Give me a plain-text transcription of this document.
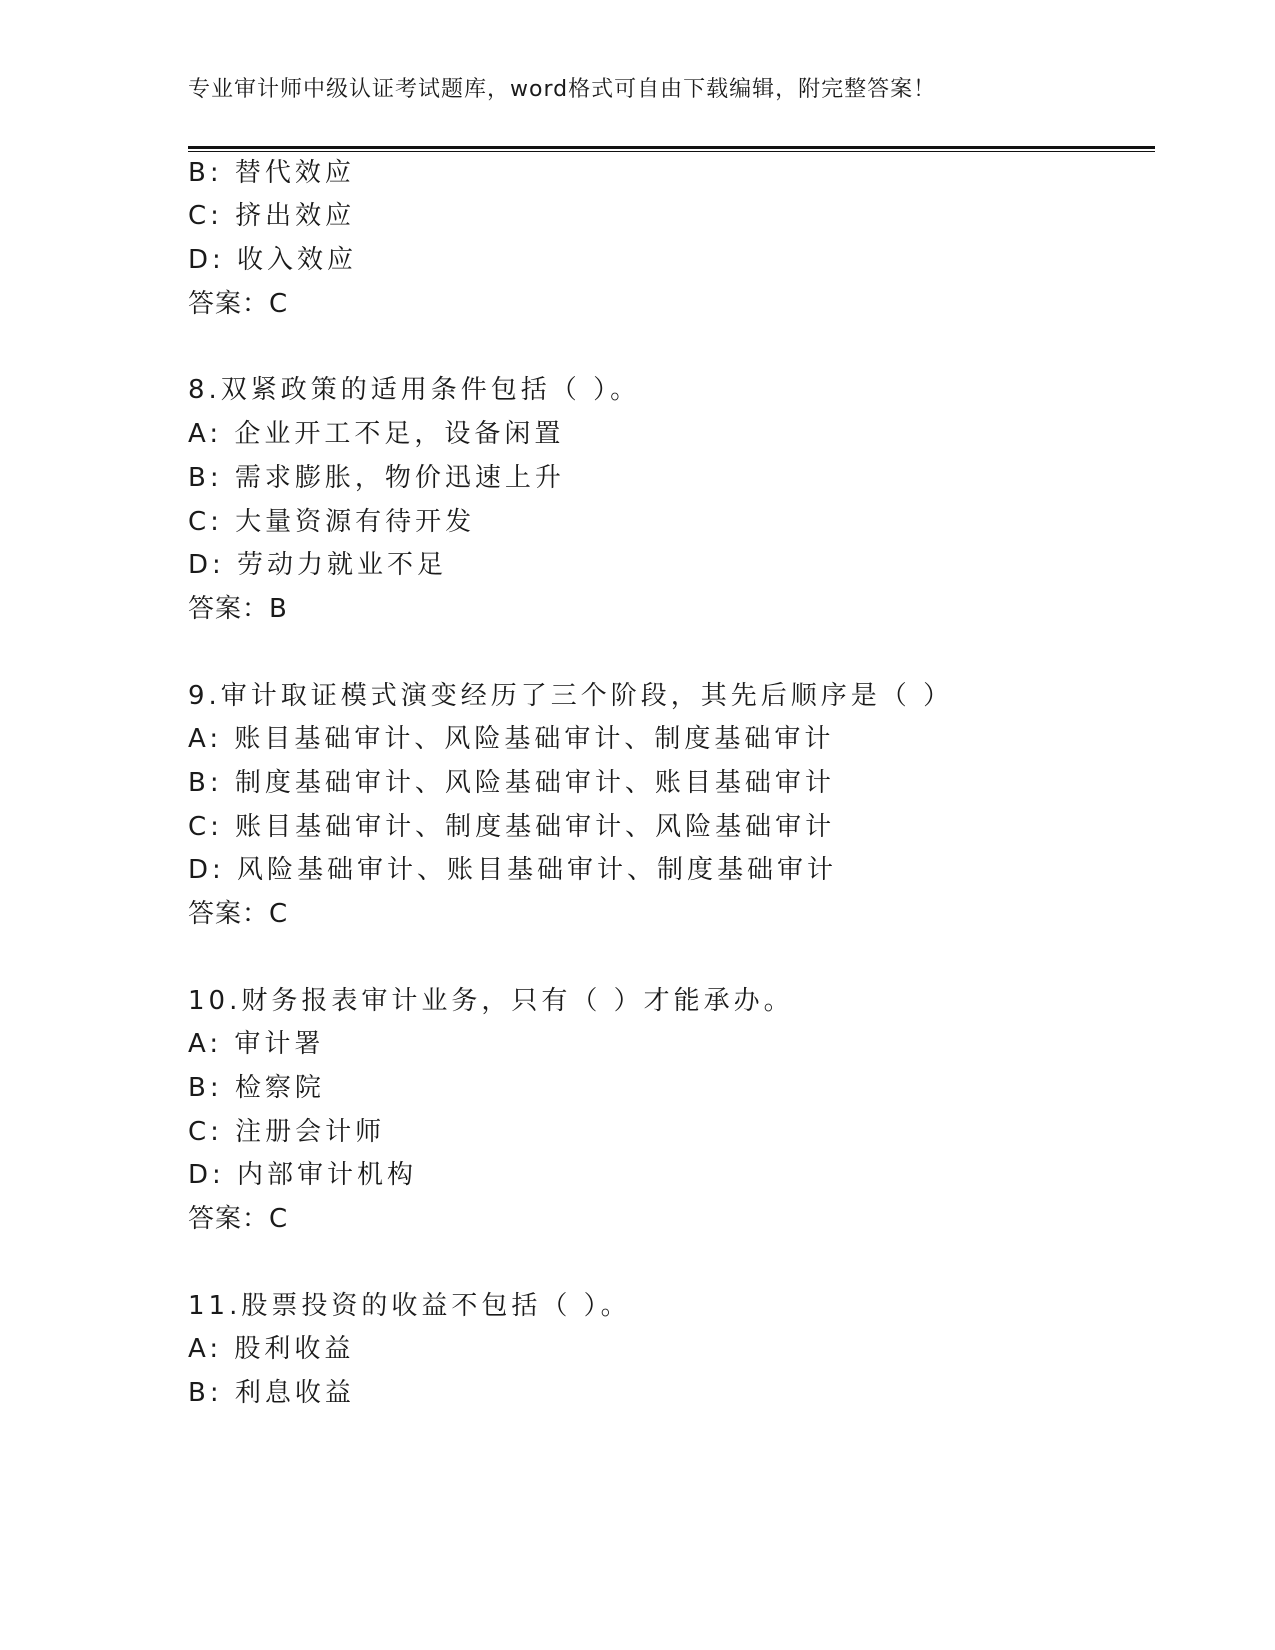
专业审计师中级认证考试题库，word格式可自由下载编辑，附完整答案！
B: 替代效应
C: 挤出效应
D: 收入效应
答案：C
8.双紧政策的适用条件包括（ ）。
A: 企业开工不足，设备闲置
B: 需求膨胀，物价迅速上升
C: 大量资源有待开发
D: 劳动力就业不足
答案：B
9.审计取证模式演变经历了三个阶段，其先后顺序是（ ）
A: 账目基础审计、风险基础审计、制度基础审计
B: 制度基础审计、风险基础审计、账目基础审计
C: 账目基础审计、制度基础审计、风险基础审计
D: 风险基础审计、账目基础审计、制度基础审计
答案：C
10.财务报表审计业务，只有（ ）才能承办。
A: 审计署
B: 检察院
C: 注册会计师
D: 内部审计机构
答案：C
11.股票投资的收益不包括（ ）。
A: 股利收益
B: 利息收益
